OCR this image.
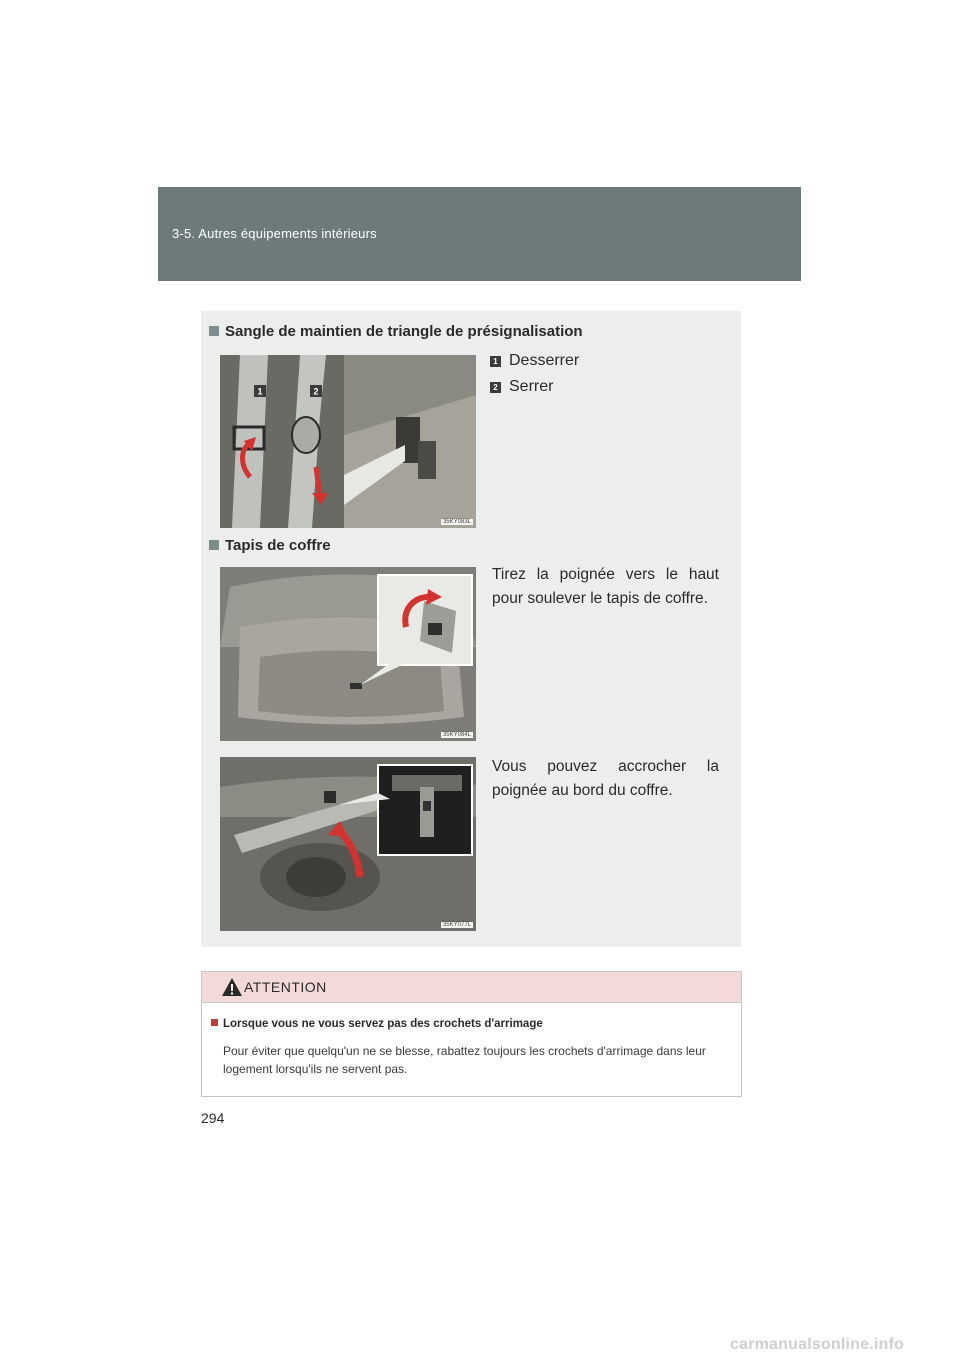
3-5. Autres équipements intérieurs
Sangle de maintien de triangle de présignalisation
1	2
35KY083L
1 Desserrer
2 Serrer
Tapis de coffre
35KY084L
Tirez la poignée vers le haut
pour soulever le tapis de coffre.
35KY077L
Vous pouvez accrocher la
poignée au bord du coffre.
ATTENTION
Lorsque vous ne vous servez pas des crochets d'arrimage
Pour éviter que quelqu'un ne se blesse, rabattez toujours les crochets d'arrimage dans leur logement lorsqu'ils ne servent pas.
294
carmanualsonline.info
